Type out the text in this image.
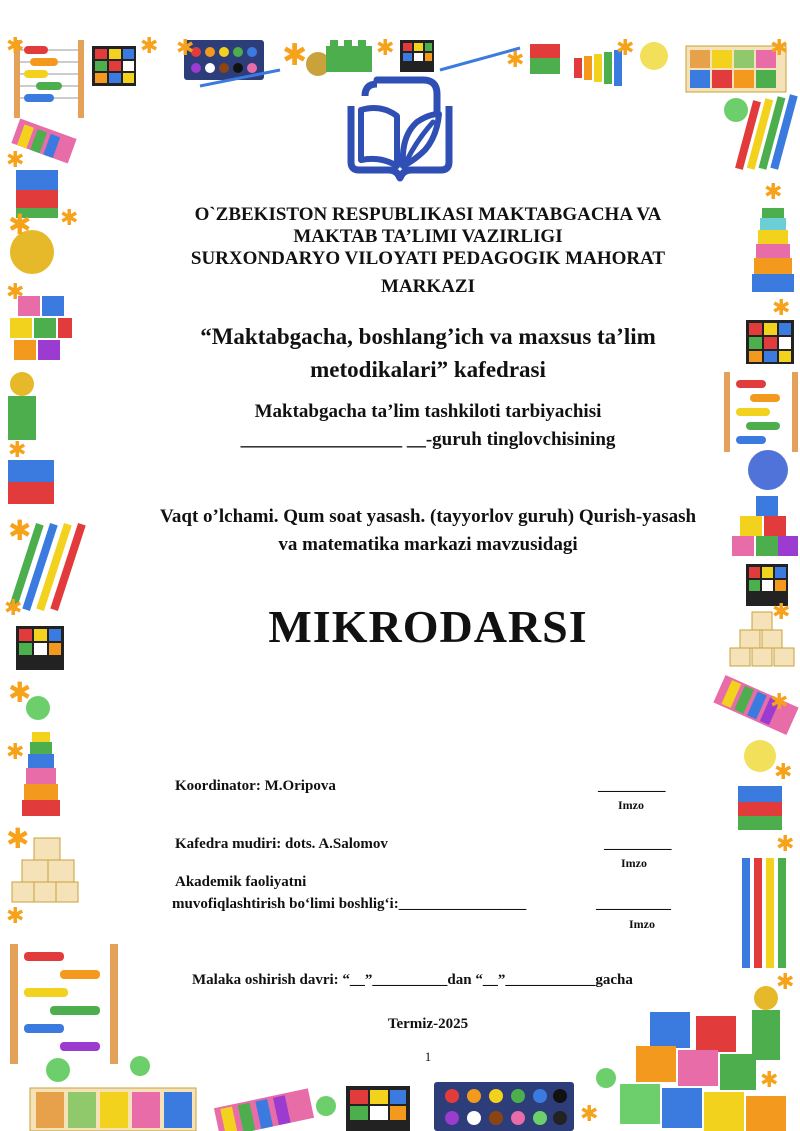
✱	✱ ✱	✱	✱	✱	✱	✱
✱
✱ ✱
✱
✱
✱
✱
✱
✱
✱
✱
✱
✱
✱
✱
✱
✱
✱
✱
✱
O`ZBEKISTON RESPUBLIKASI MAKTABGACHA VA
MAKTAB TA’LIMI VAZIRLIGI
SURXONDARYO VILOYATI PEDAGOGIK MAHORAT
MARKAZI
“Maktabgacha, boshlang’ich va maxsus ta’lim
metodikalari” kafedrasi
Maktabgacha ta’lim tashkiloti tarbiyachisi
_________________ __-guruh tinglovchisining
Vaqt o’lchami. Qum soat yasash. (tayyorlov guruh) Qurish-yasash
va matematika markazi mavzusidagi
MIKRODARSI
Koordinator: M.Oripova	_________
Imzo
Kafedra mudiri: dots. A.Salomov	_________
Imzo
Akademik faoliyatni
muvofiqlashtirish bo‘limi boshlig‘i:_________________	__________
Imzo
Malaka oshirish davri: “__”__________dan “__”____________gacha
Termiz-2025
1
